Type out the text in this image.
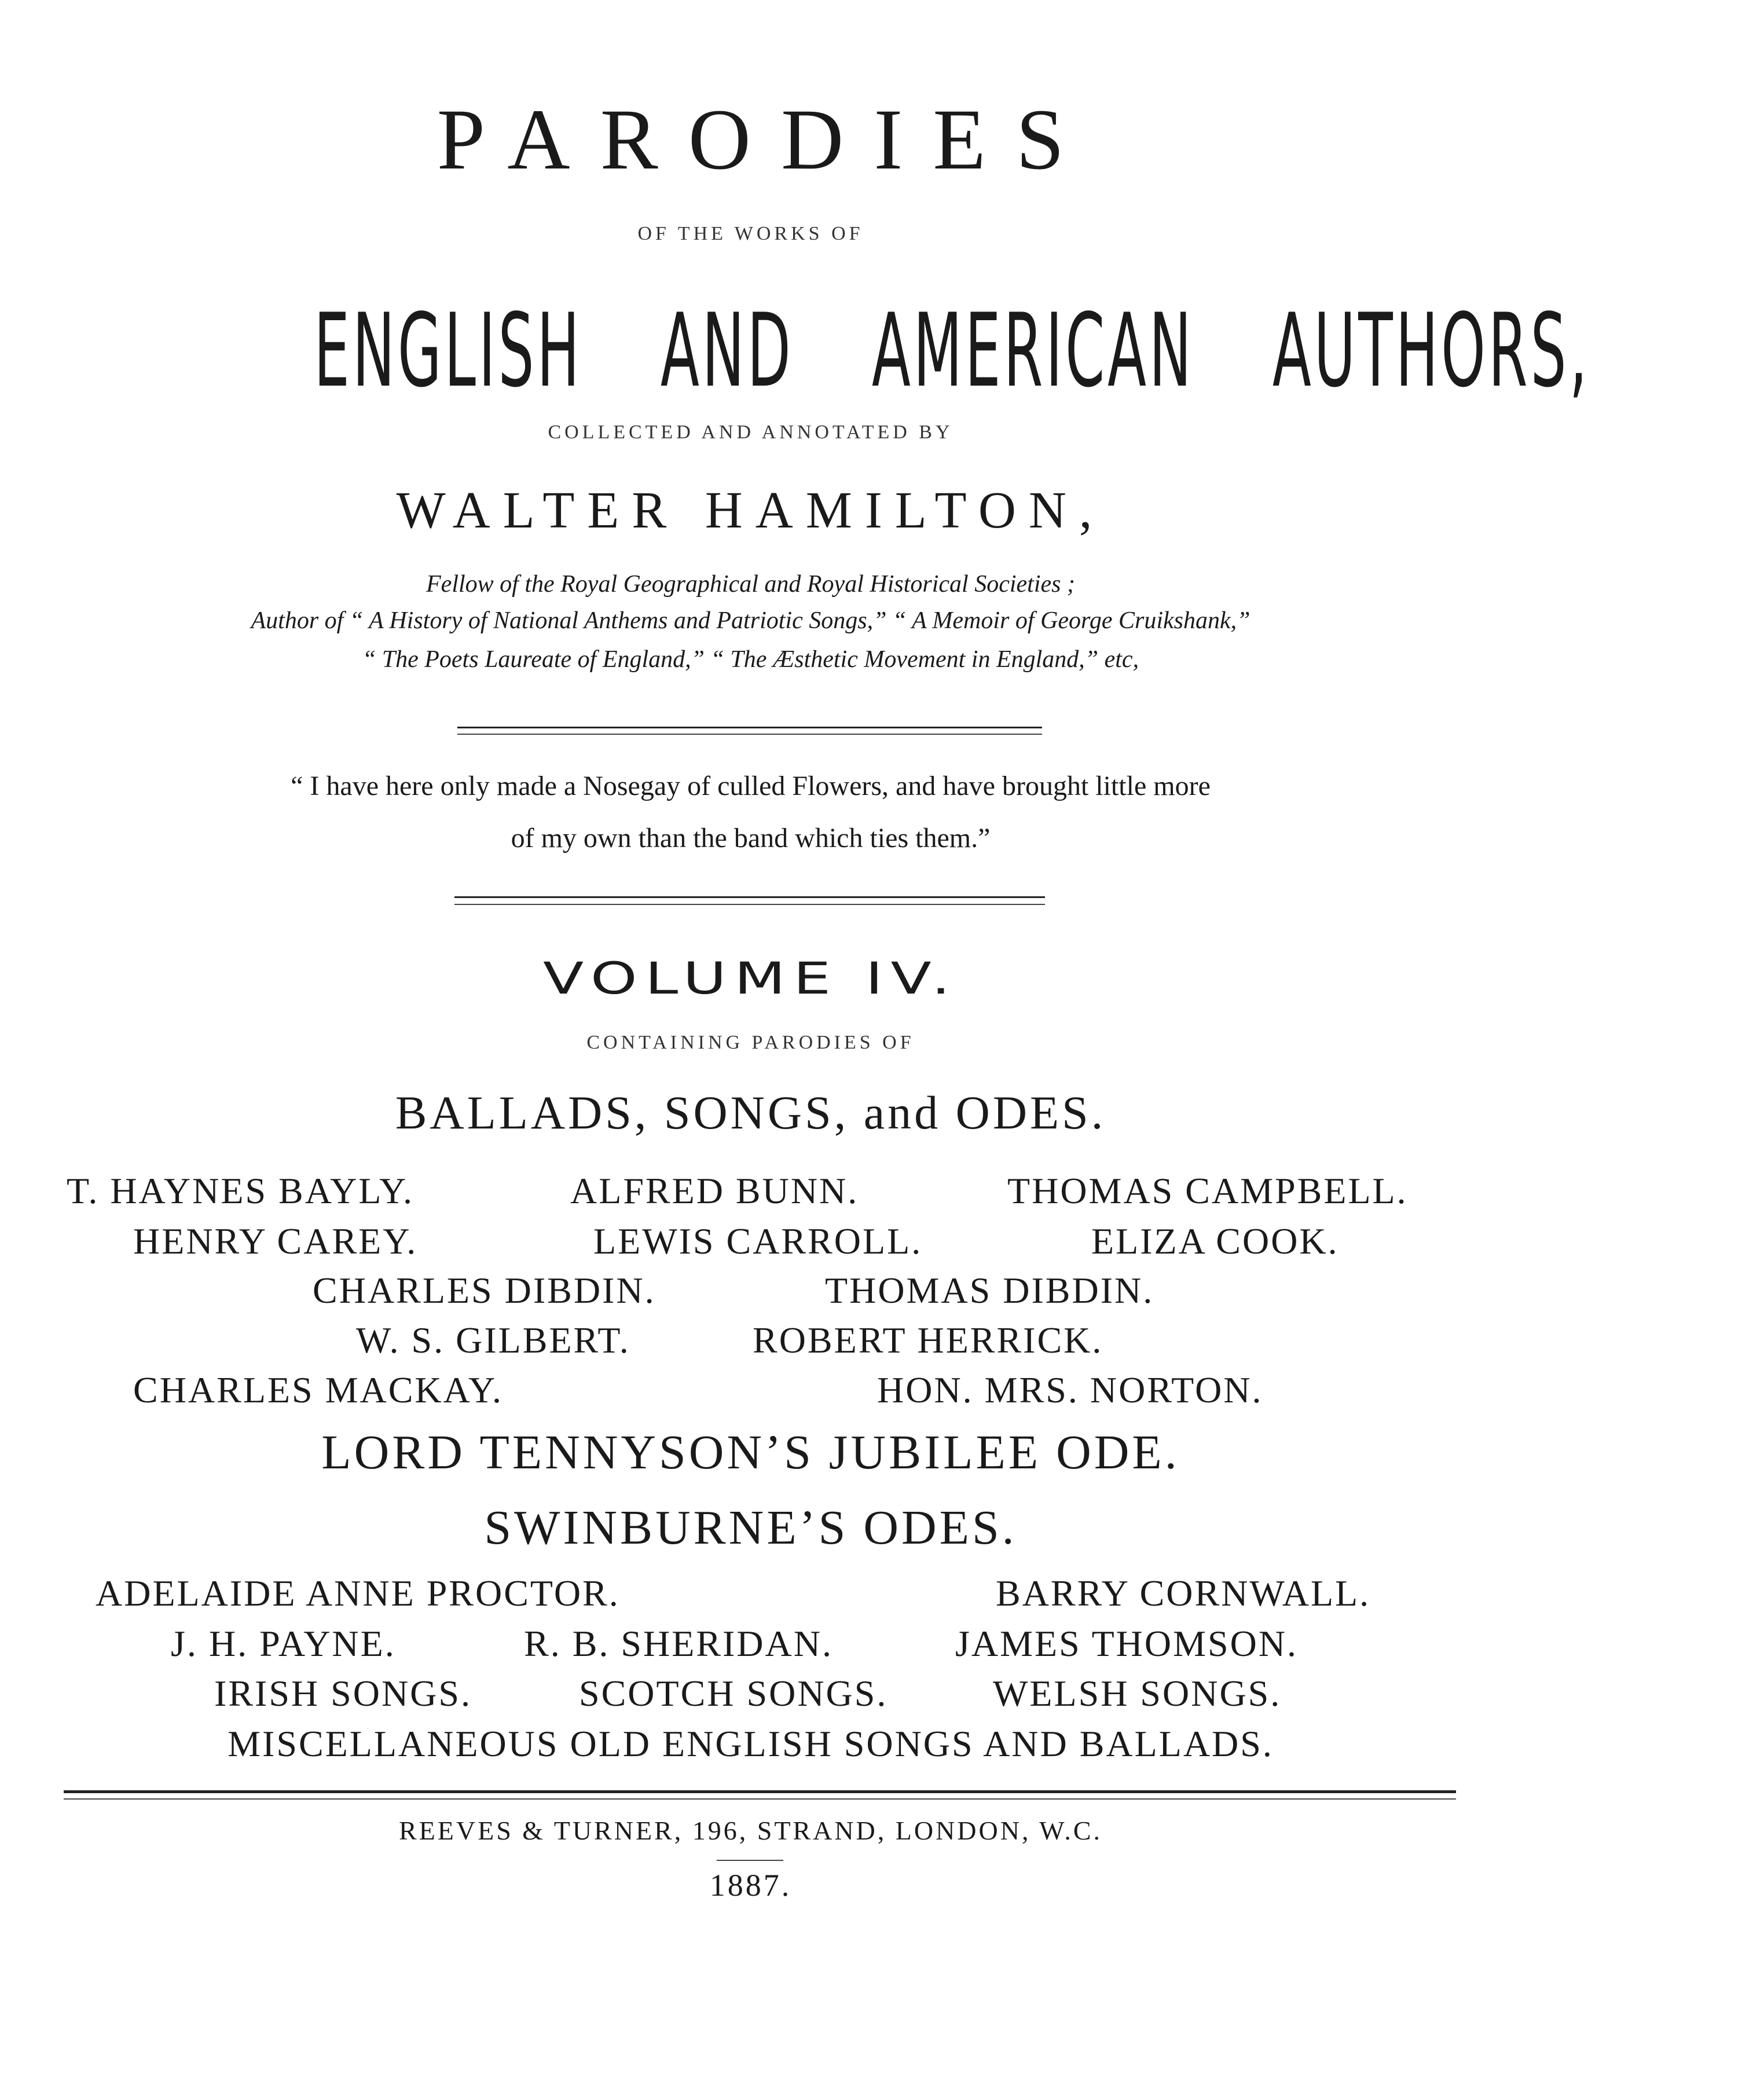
PARODIES
OF THE WORKS OF
ENGLISH AND AMERICAN AUTHORS,
COLLECTED AND ANNOTATED BY
WALTER HAMILTON,
Fellow of the Royal Geographical and Royal Historical Societies ;
Author of “ A History of National Anthems and Patriotic Songs,” “ A Memoir of George Cruikshank,”
“ The Poets Laureate of England,” “ The Æsthetic Movement in England,” etc,
“ I have here only made a Nosegay of culled Flowers, and have brought little more
of my own than the band which ties them.”
VOLUME IV.
CONTAINING PARODIES OF
BALLADS, SONGS, and ODES.
T. HAYNES BAYLY.	ALFRED BUNN.	THOMAS CAMPBELL.
HENRY CAREY.	LEWIS CARROLL.	ELIZA COOK.
CHARLES DIBDIN.	THOMAS DIBDIN.
W. S. GILBERT.	ROBERT HERRICK.
CHARLES MACKAY.	HON. MRS. NORTON.
LORD TENNYSON’S JUBILEE ODE.
SWINBURNE’S ODES.
ADELAIDE ANNE PROCTOR.	BARRY CORNWALL.
J. H. PAYNE.	R. B. SHERIDAN.	JAMES THOMSON.
IRISH SONGS.	SCOTCH SONGS.	WELSH SONGS.
MISCELLANEOUS OLD ENGLISH SONGS AND BALLADS.
REEVES & TURNER, 196, STRAND, LONDON, W.C.
1887.
